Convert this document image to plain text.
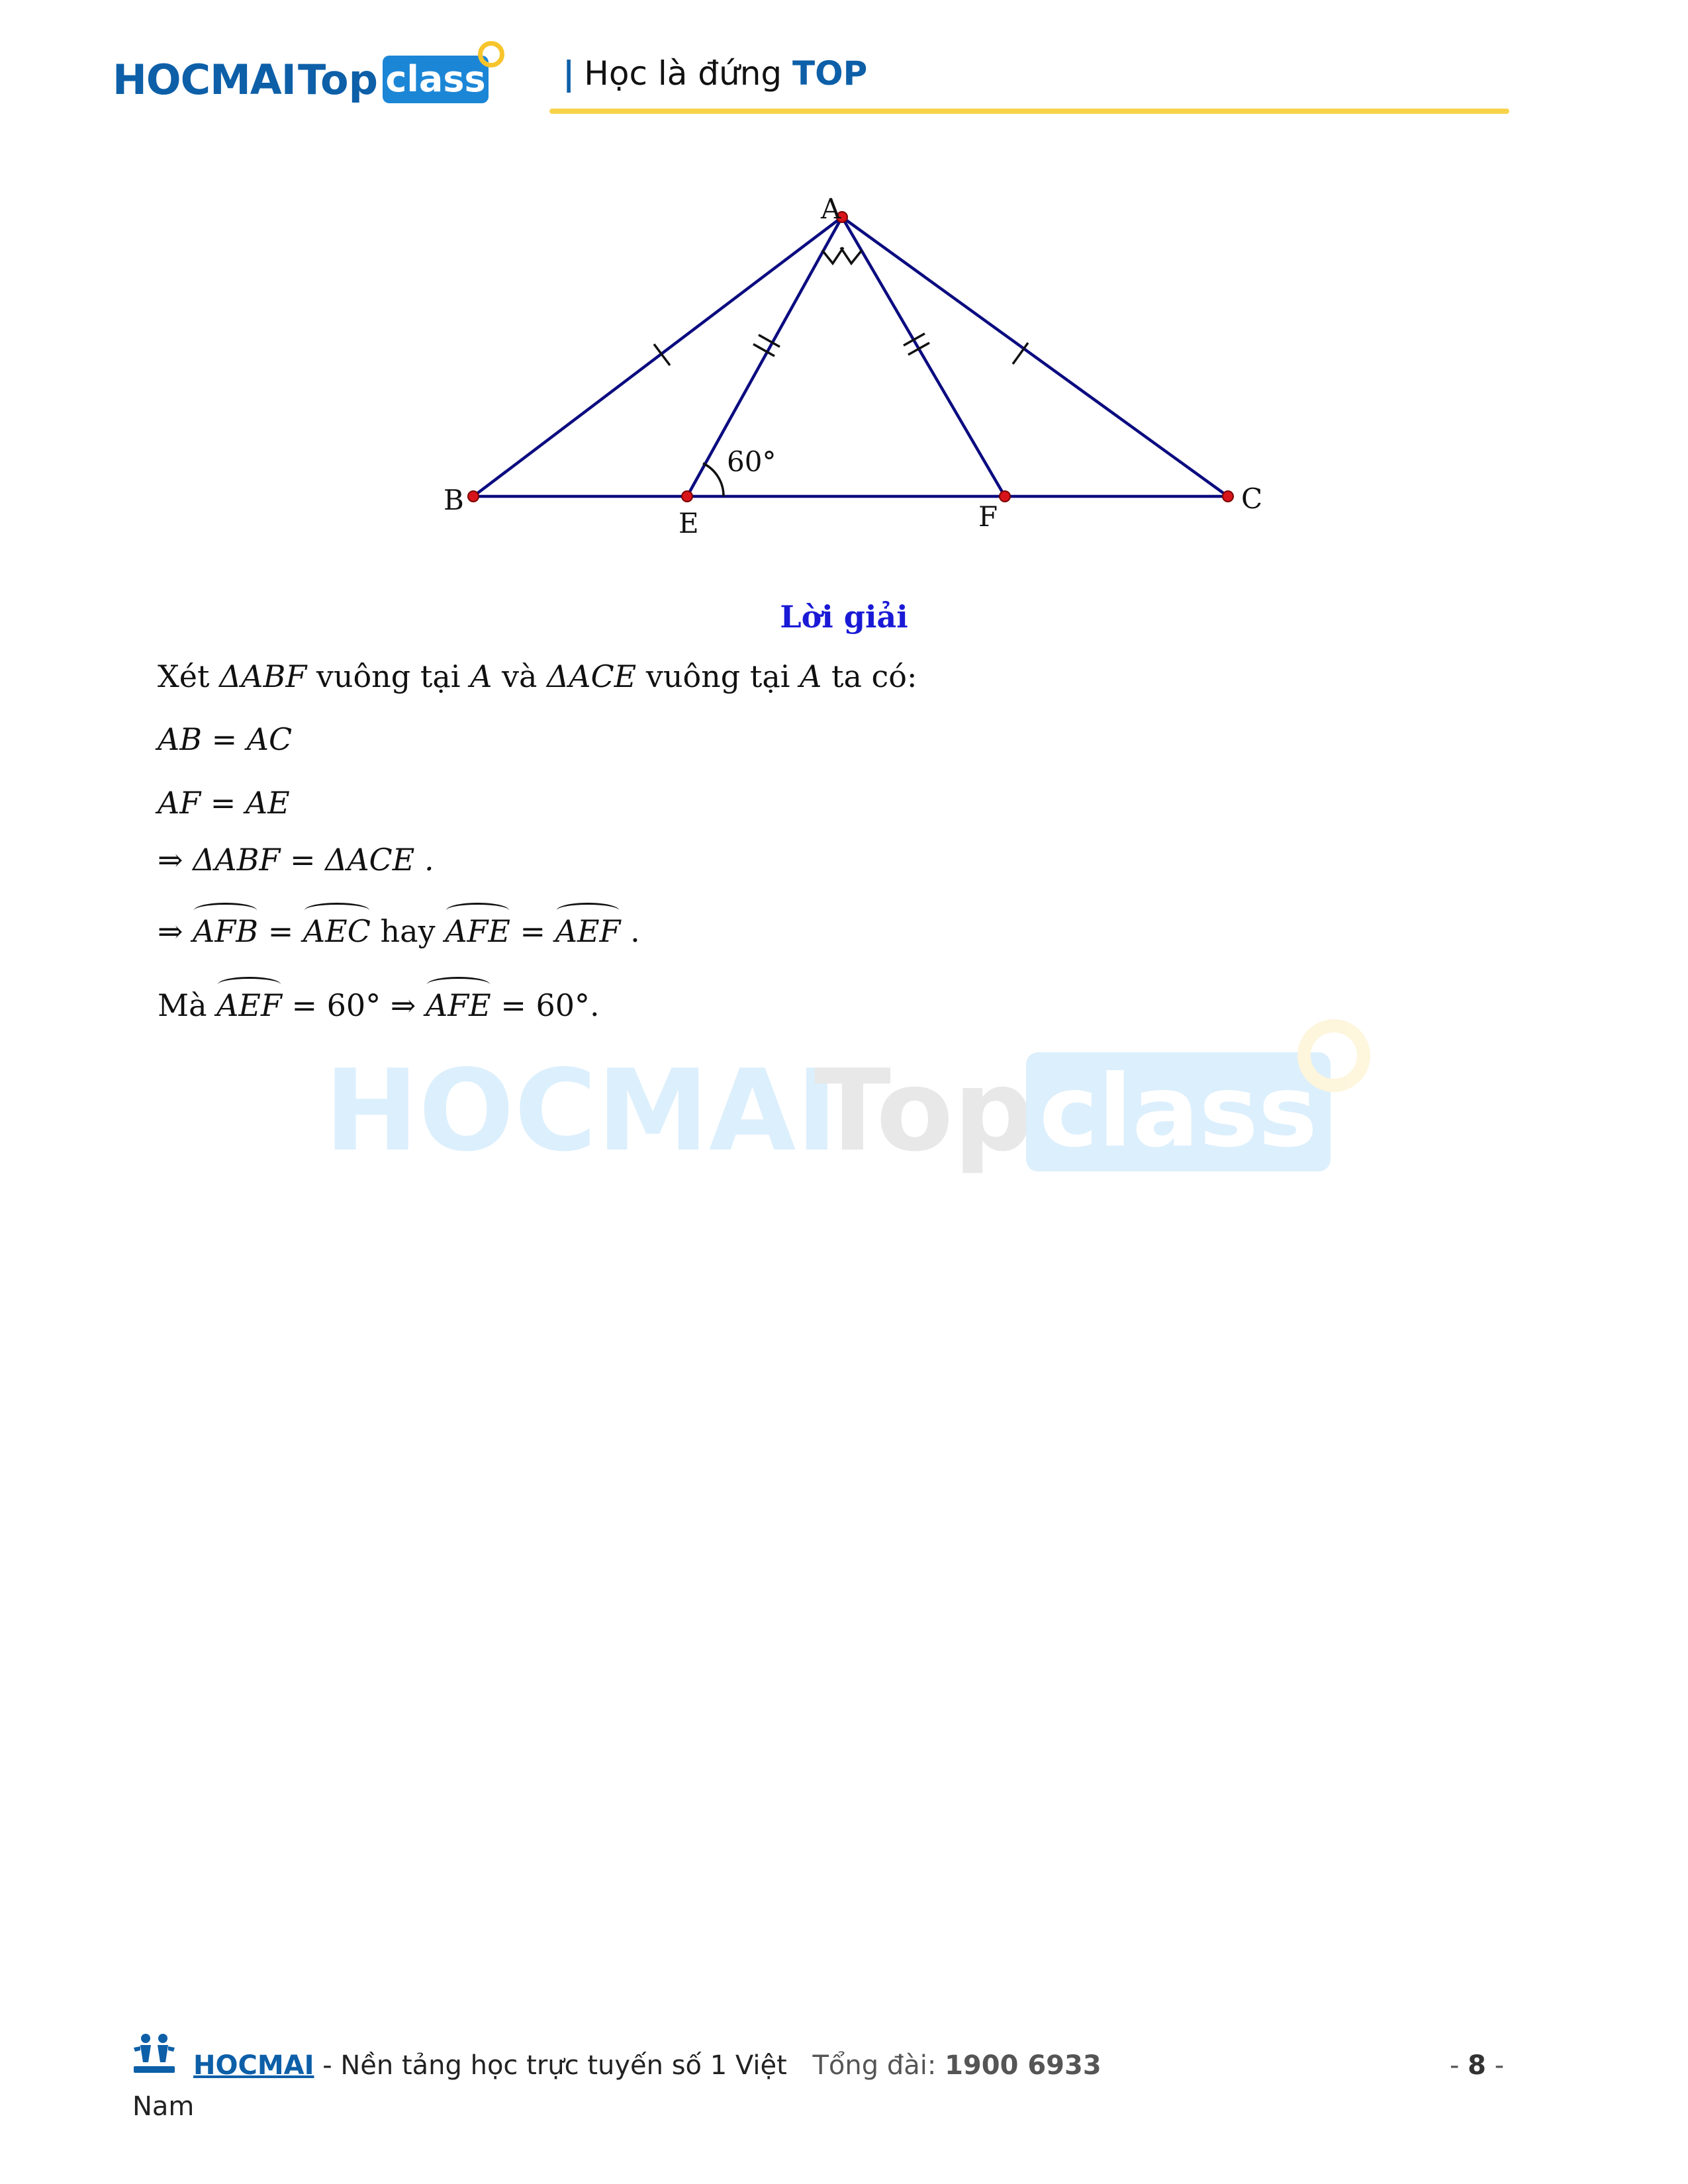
HOCMAI Top class | Học là đứng TOP
A
B	C
E	F
60°
Lời giải
Xét ΔABF vuông tại A và ΔACE vuông tại A ta có:
AB = AC
AF = AE
⇒ ΔABF = ΔACE .
⇒ AFB = AEC hay AFE = AEF .
Mà AEF = 60° ⇒ AFE = 60°.
HOCMAI
Top class
HOCMAI - Nền tảng học trực tuyến số 1 Việt Tổng đài: 1900 6933
Nam
- 8 -
